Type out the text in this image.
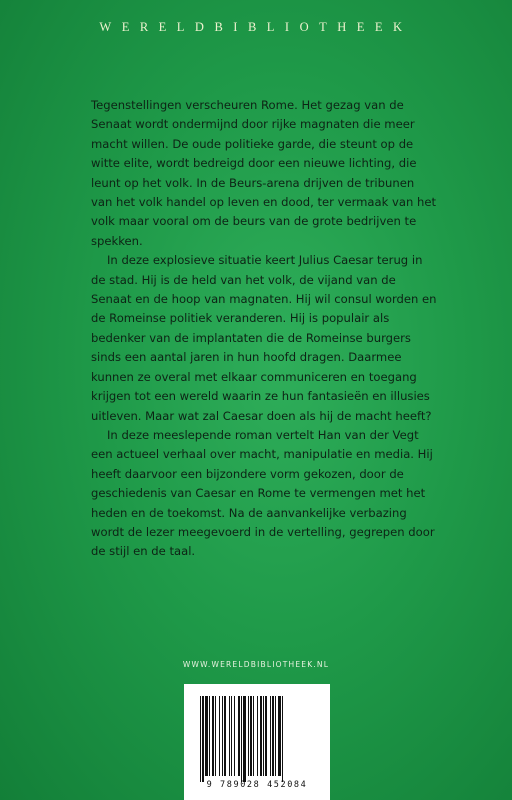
WERELDBIBLIOTHEEK

Tegenstellingen verscheuren Rome. Het gezag van de Senaat wordt ondermijnd door rijke magnaten die meer macht willen. De oude politieke garde, die steunt op de witte elite, wordt bedreigd door een nieuwe lichting, die leunt op het volk. In de Beurs-arena drijven de tribunen van het volk handel op leven en dood, ter vermaak van het volk maar vooral om de beurs van de grote bedrijven te spekken.

In deze explosieve situatie keert Julius Caesar terug in de stad. Hij is de held van het volk, de vijand van de Senaat en de hoop van magnaten. Hij wil consul worden en de Romeinse politiek veranderen. Hij is populair als bedenker van de implantaten die de Romeinse burgers sinds een aantal jaren in hun hoofd dragen. Daarmee kunnen ze overal met elkaar communiceren en toegang krijgen tot een wereld waarin ze hun fantasieën en illusies uitleven. Maar wat zal Caesar doen als hij de macht heeft?

In deze meeslepende roman vertelt Han van der Vegt een actueel verhaal over macht, manipulatie en media. Hij heeft daarvoor een bijzondere vorm gekozen, door de geschiedenis van Caesar en Rome te vermengen met het heden en de toekomst. Na de aanvankelijke verbazing wordt de lezer meegevoerd in de vertelling, gegrepen door de stijl en de taal.

WWW.WERELDBIBLIOTHEEK.NL
9 789028 452084
